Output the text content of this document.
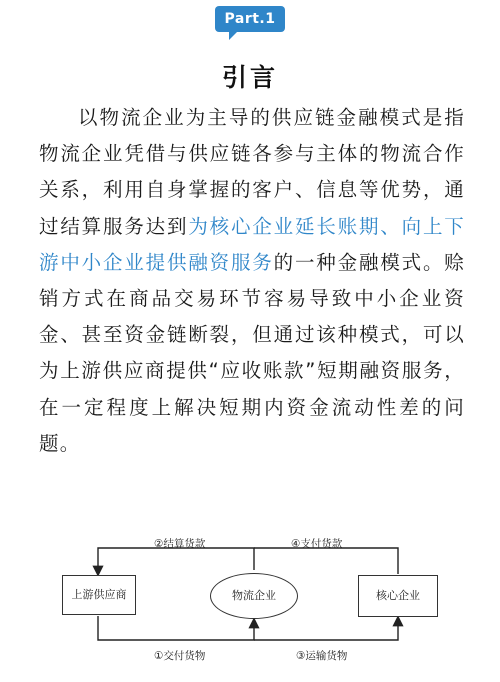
Part.1
引言
以物流企业为主导的供应链金融模式是指物流企业凭借与供应链各参与主体的物流合作关系，利用自身掌握的客户、信息等优势，通过结算服务达到为核心企业延长账期、向上下游中小企业提供融资服务的一种金融模式。赊销方式在商品交易环节容易导致中小企业资金、甚至资金链断裂，但通过该种模式，可以为上游供应商提供“应收账款”短期融资服务，在一定程度上解决短期内资金流动性差的问题。
②结算货款	④支付货款
①交付货物	③运输货物
上游供应商	物流企业	核心企业
